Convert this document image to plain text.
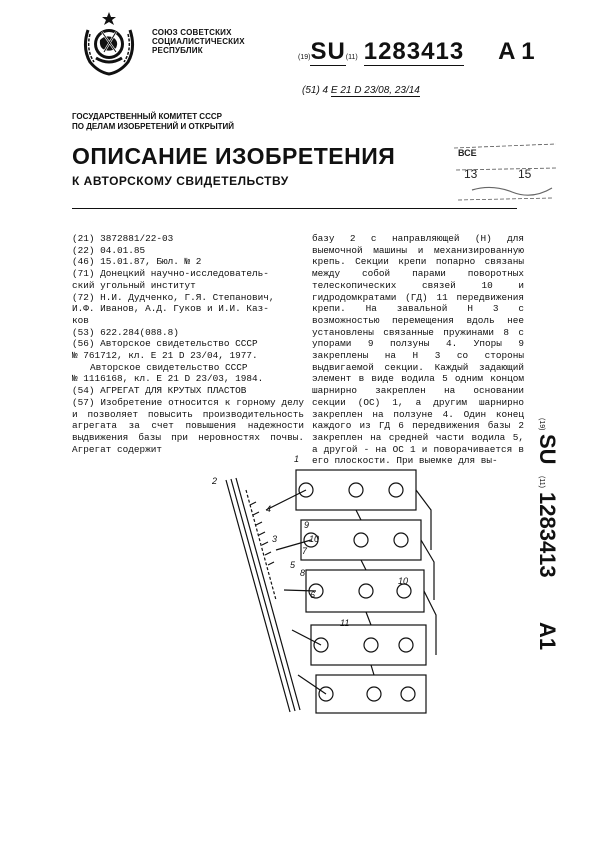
СОЮЗ СОВЕТСКИХ
СОЦИАЛИСТИЧЕСКИХ
РЕСПУБЛИК
(19)SU(11) 1283413 A 1
(51) 4 Е 21 D 23/08, 23/14
ГОСУДАРСТВЕННЫЙ КОМИТЕТ СССР
ПО ДЕЛАМ ИЗОБРЕТЕНИЙ И ОТКРЫТИЙ
ВСЕ
13	15
ОПИСАНИЕ ИЗОБРЕТЕНИЯ
К АВТОРСКОМУ СВИДЕТЕЛЬСТВУ
(21) 3872881/22-03
(22) 04.01.85
(46) 15.01.87, Бюл. № 2
(71) Донецкий научно-исследователь-
ский угольный институт
(72) Н.И. Дудченко, Г.Я. Степанович,
И.Ф. Иванов, А.Д. Гуков и И.И. Каз-
ков
(53) 622.284(088.8)
(56) Авторское свидетельство СССР
№ 761712, кл. Е 21 D 23/04, 1977.
Авторское свидетельство СССР
№ 1116168, кл. Е 21 D 23/03, 1984.
(54) АГРЕГАТ ДЛЯ КРУТЫХ ПЛАСТОВ
(57) Изобретение относится к горному делу и позволяет повысить производительность агрегата за счет повышения надежности выдвижения базы при неровностях почвы. Агрегат содержит
базу 2 с направляющей (Н) для выемочной машины и механизированную крепь. Секции крепи попарно связаны между собой парами поворотных телескопических связей 10 и гидродомкратами (ГД) 11 передвижения крепи. На завальной Н 3 с возможностью перемещения вдоль нее установлены связанные пружинами 8 с упорами 9 ползуны 4. Упоры 9 закреплены на Н 3 со стороны выдвигаемой секции. Каждый задающий элемент в виде водила 5 одним концом шарнирно закреплен на основании секции (ОС) 1, а другим шарнирно закреплен на ползуне 4. Один конец каждого из ГД 6 передвижения базы 2 закреплен на средней части водила 5, а другой - на ОС 1 и поворачивается в его плоскости. При выемке для вы-
(19)
SU
(11)
1283413
A1
1
2
3
4
5
6
7
8
9
10
11
10
